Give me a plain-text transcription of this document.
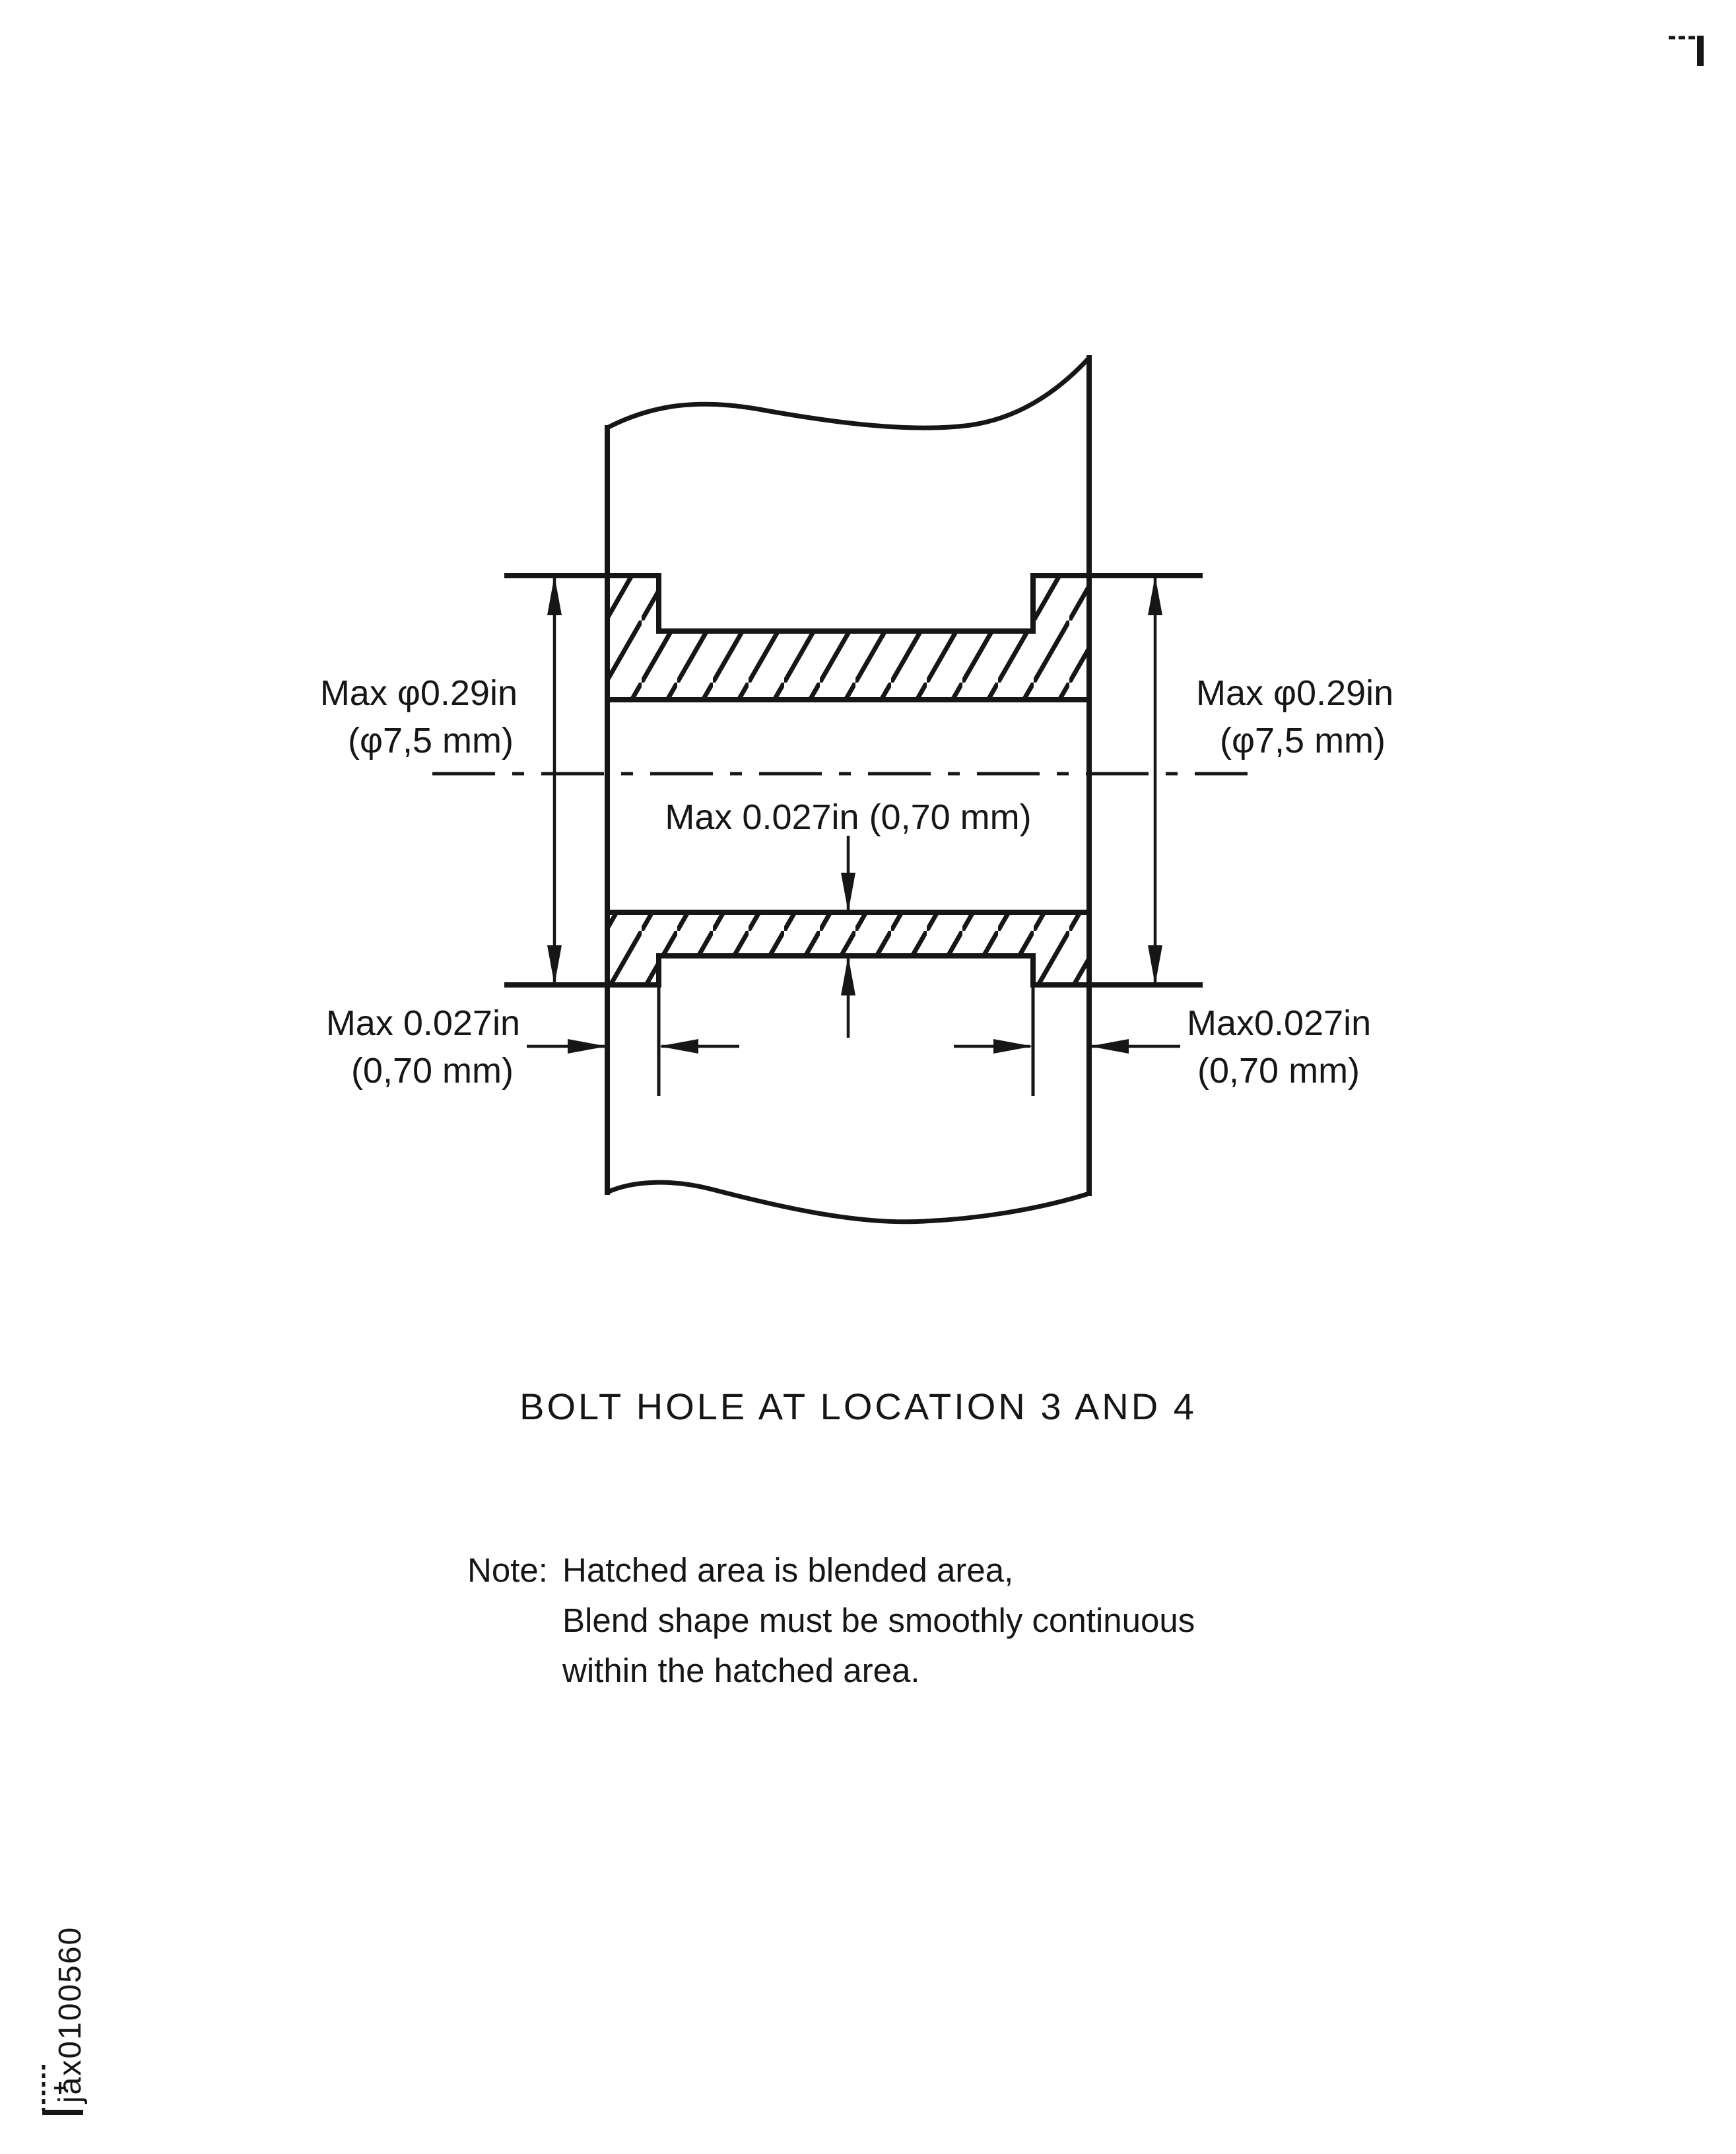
Max φ0.29in
(φ7,5 mm)
Max φ0.29in
(φ7,5 mm)
Max 0.027in (0,70 mm)
Max 0.027in
(0,70 mm)
Max0.027in
(0,70 mm)
BOLT HOLE AT LOCATION 3 AND 4
Note: Hatched area is blended area,
Blend shape must be smoothly continuous
within the hatched area.
jax0100560
